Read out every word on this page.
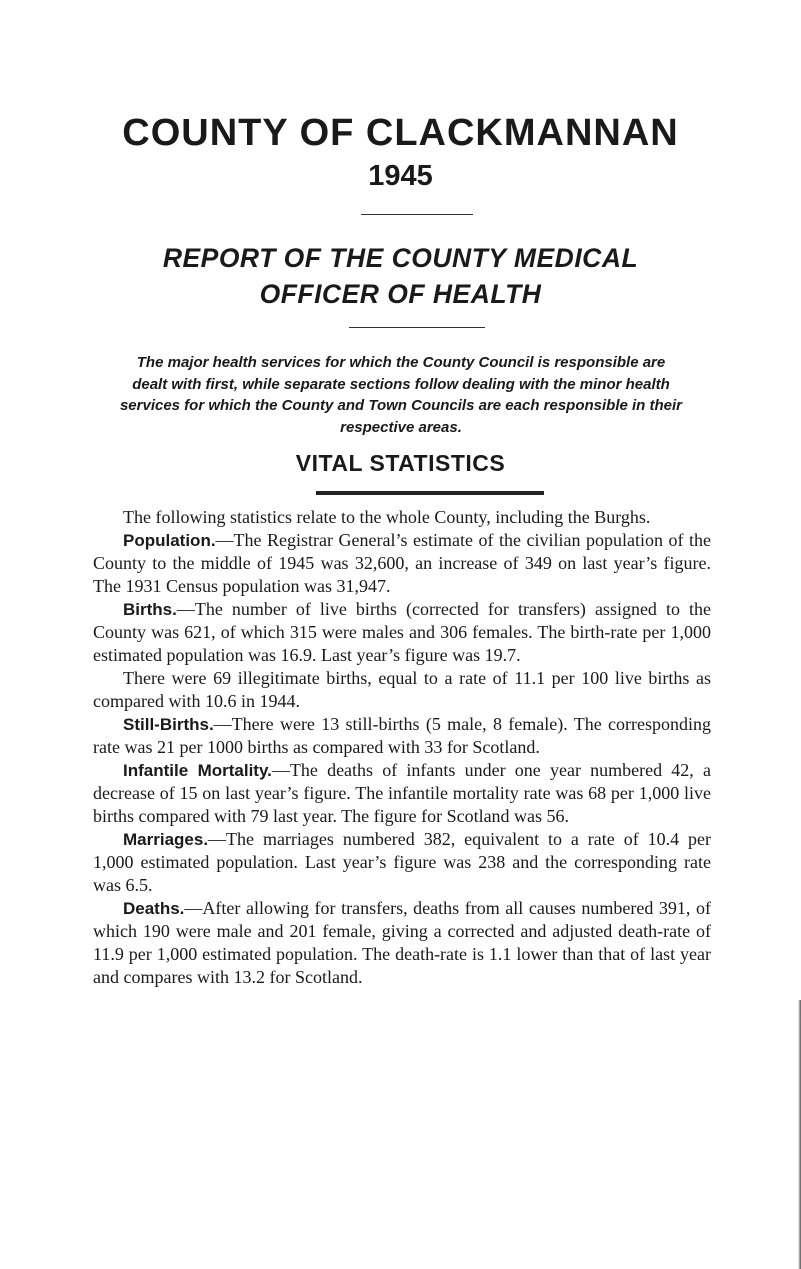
COUNTY OF CLACKMANNAN
1945
REPORT OF THE COUNTY MEDICAL
OFFICER OF HEALTH

The major health services for which the County Council is responsible are dealt with first, while separate sections follow dealing with the minor health services for which the County and Town Councils are each responsible in their respective areas.

VITAL STATISTICS

The following statistics relate to the whole County, including the Burghs.

Population.—The Registrar General’s estimate of the civilian population of the County to the middle of 1945 was 32,600, an increase of 349 on last year’s figure. The 1931 Census population was 31,947.

Births.—The number of live births (corrected for transfers) assigned to the County was 621, of which 315 were males and 306 females. The birth-rate per 1,000 estimated population was 16.9. Last year’s figure was 19.7.

There were 69 illegitimate births, equal to a rate of 11.1 per 100 live births as compared with 10.6 in 1944.

Still-Births.—There were 13 still-births (5 male, 8 female). The corresponding rate was 21 per 1000 births as compared with 33 for Scotland.

Infantile Mortality.—The deaths of infants under one year numbered 42, a decrease of 15 on last year’s figure. The infantile mortality rate was 68 per 1,000 live births compared with 79 last year. The figure for Scotland was 56.

Marriages.—The marriages numbered 382, equivalent to a rate of 10.4 per 1,000 estimated population. Last year’s figure was 238 and the corresponding rate was 6.5.

Deaths.—After allowing for transfers, deaths from all causes numbered 391, of which 190 were male and 201 female, giving a corrected and adjusted death-rate of 11.9 per 1,000 estimated population. The death-rate is 1.1 lower than that of last year and compares with 13.2 for Scotland.
